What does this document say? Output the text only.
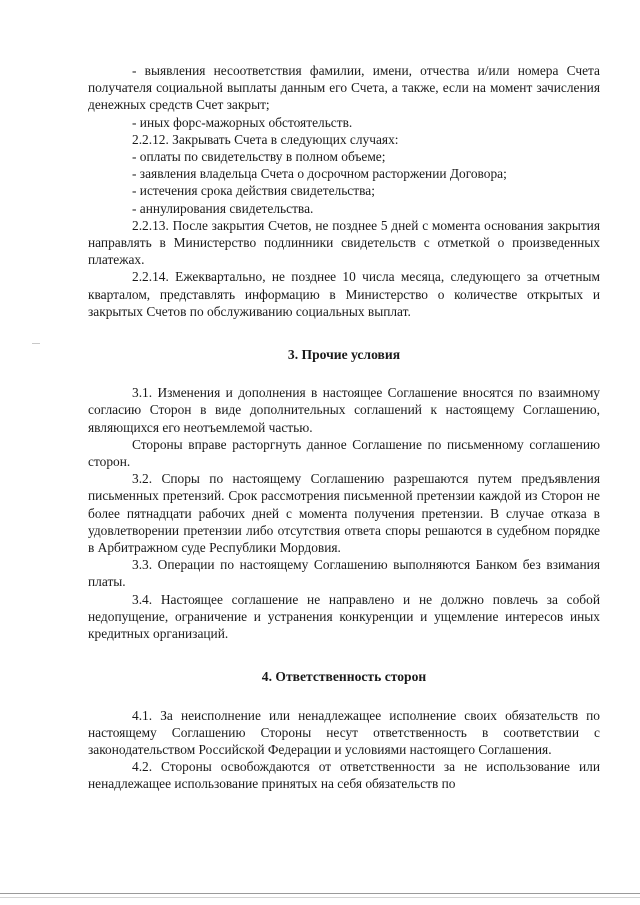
- выявления несоответствия фамилии, имени, отчества и/или номера Счета получателя социальной выплаты данным его Счета, а также, если на момент зачисления денежных средств Счет закрыт;

- иных форс-мажорных обстоятельств.

2.2.12. Закрывать Счета в следующих случаях:

- оплаты по свидетельству в полном объеме;

- заявления владельца Счета о досрочном расторжении Договора;

- истечения срока действия свидетельства;

- аннулирования свидетельства.

2.2.13. После закрытия Счетов, не позднее 5 дней с момента основания закрытия направлять в Министерство подлинники свидетельств с отметкой о произведенных платежах.

2.2.14. Ежеквартально, не позднее 10 числа месяца, следующего за отчетным кварталом, представлять информацию в Министерство о количестве открытых и закрытых Счетов по обслуживанию социальных выплат.

3. Прочие условия

3.1. Изменения и дополнения в настоящее Соглашение вносятся по взаимному согласию Сторон в виде дополнительных соглашений к настоящему Соглашению, являющихся его неотъемлемой частью.

Стороны вправе расторгнуть данное Соглашение по письменному соглашению сторон.

3.2. Споры по настоящему Соглашению разрешаются путем предъявления письменных претензий. Срок рассмотрения письменной претензии каждой из Сторон не более пятнадцати рабочих дней с момента получения претензии. В случае отказа в удовлетворении претензии либо отсутствия ответа споры решаются в судебном порядке в Арбитражном суде Республики Мордовия.

3.3. Операции по настоящему Соглашению выполняются Банком без взимания платы.

3.4. Настоящее соглашение не направлено и не должно повлечь за собой недопущение, ограничение и устранения конкуренции и ущемление интересов иных кредитных организаций.

4. Ответственность сторон

4.1. За неисполнение или ненадлежащее исполнение своих обязательств по настоящему Соглашению Стороны несут ответственность в соответствии с законодательством Российской Федерации и условиями настоящего Соглашения.

4.2. Стороны освобождаются от ответственности за не использование или ненадлежащее использование принятых на себя обязательств по
